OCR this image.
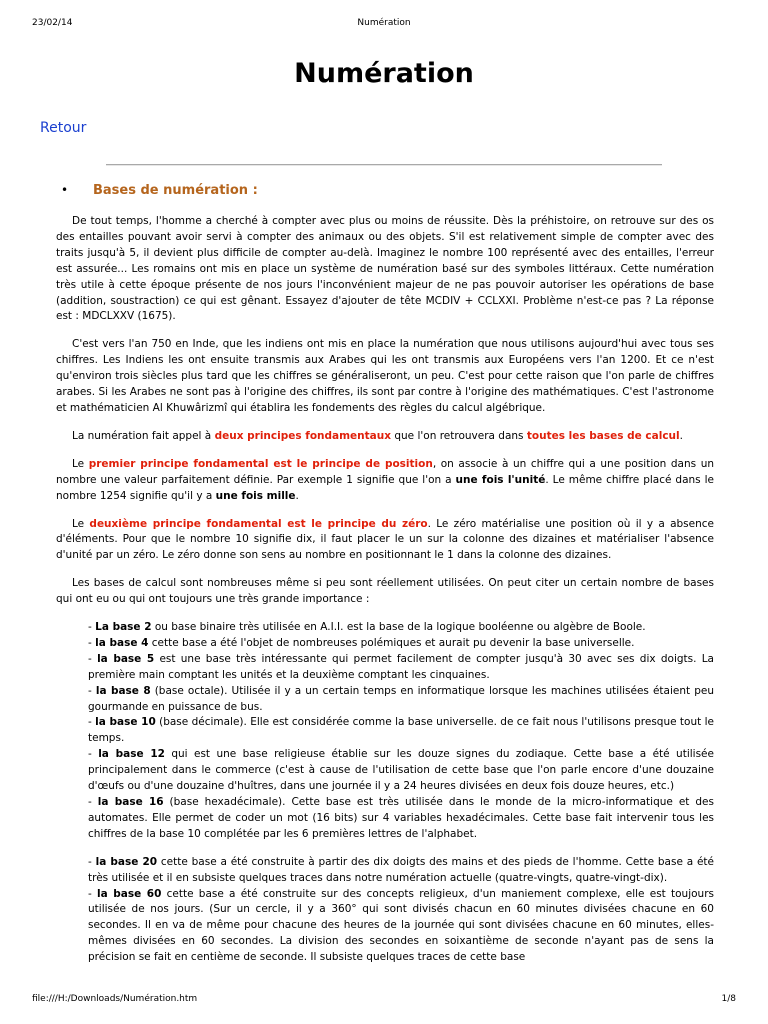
23/02/14	Numération
Numération
Retour
• Bases de numération :

De tout temps, l'homme a cherché à compter avec plus ou moins de réussite. Dès la préhistoire, on retrouve sur des os des entailles pouvant avoir servi à compter des animaux ou des objets. S'il est relativement simple de compter avec des traits jusqu'à 5, il devient plus difficile de compter au-delà. Imaginez le nombre 100 représenté avec des entailles, l'erreur est assurée... Les romains ont mis en place un système de numération basé sur des symboles littéraux. Cette numération très utile à cette époque présente de nos jours l'inconvénient majeur de ne pas pouvoir autoriser les opérations de base (addition, soustraction) ce qui est gênant. Essayez d'ajouter de tête MCDIV + CCLXXI. Problème n'est-ce pas ? La réponse est : MDCLXXV (1675).

C'est vers l'an 750 en Inde, que les indiens ont mis en place la numération que nous utilisons aujourd'hui avec tous ses chiffres. Les Indiens les ont ensuite transmis aux Arabes qui les ont transmis aux Européens vers l'an 1200. Et ce n'est qu'environ trois siècles plus tard que les chiffres se généraliseront, un peu. C'est pour cette raison que l'on parle de chiffres arabes. Si les Arabes ne sont pas à l'origine des chiffres, ils sont par contre à l'origine des mathématiques. C'est l'astronome et mathématicien Al Khuwârizmî qui établira les fondements des règles du calcul algébrique.

La numération fait appel à deux principes fondamentaux que l'on retrouvera dans toutes les bases de calcul.

Le premier principe fondamental est le principe de position, on associe à un chiffre qui a une position dans un nombre une valeur parfaitement définie. Par exemple 1 signifie que l'on a une fois l'unité. Le même chiffre placé dans le nombre 1254 signifie qu'il y a une fois mille.

Le deuxième principe fondamental est le principe du zéro. Le zéro matérialise une position où il y a absence d'éléments. Pour que le nombre 10 signifie dix, il faut placer le un sur la colonne des dizaines et matérialiser l'absence d'unité par un zéro. Le zéro donne son sens au nombre en positionnant le 1 dans la colonne des dizaines.

Les bases de calcul sont nombreuses même si peu sont réellement utilisées. On peut citer un certain nombre de bases qui ont eu ou qui ont toujours une très grande importance :

- La base 2 ou base binaire très utilisée en A.I.I. est la base de la logique booléenne ou algèbre de Boole.
- la base 4 cette base a été l'objet de nombreuses polémiques et aurait pu devenir la base universelle.
- la base 5 est une base très intéressante qui permet facilement de compter jusqu'à 30 avec ses dix doigts. La première main comptant les unités et la deuxième comptant les cinquaines.
- la base 8 (base octale). Utilisée il y a un certain temps en informatique lorsque les machines utilisées étaient peu gourmande en puissance de bus.
- la base 10 (base décimale). Elle est considérée comme la base universelle. de ce fait nous l'utilisons presque tout le temps.
- la base 12 qui est une base religieuse établie sur les douze signes du zodiaque. Cette base a été utilisée principalement dans le commerce (c'est à cause de l'utilisation de cette base que l'on parle encore d'une douzaine d'œufs ou d'une douzaine d'huîtres, dans une journée il y a 24 heures divisées en deux fois douze heures, etc.)
- la base 16 (base hexadécimale). Cette base est très utilisée dans le monde de la micro-informatique et des automates. Elle permet de coder un mot (16 bits) sur 4 variables hexadécimales. Cette base fait intervenir tous les chiffres de la base 10 complétée par les 6 premières lettres de l'alphabet.
- la base 20 cette base a été construite à partir des dix doigts des mains et des pieds de l'homme. Cette base a été très utilisée et il en subsiste quelques traces dans notre numération actuelle (quatre-vingts, quatre-vingt-dix).
- la base 60 cette base a été construite sur des concepts religieux, d'un maniement complexe, elle est toujours utilisée de nos jours. (Sur un cercle, il y a 360° qui sont divisés chacun en 60 minutes divisées chacune en 60 secondes. Il en va de même pour chacune des heures de la journée qui sont divisées chacune en 60 minutes, elles-mêmes divisées en 60 secondes. La division des secondes en soixantième de seconde n'ayant pas de sens la précision se fait en centième de seconde. Il subsiste quelques traces de cette base
file:///H:/Downloads/Numération.htm	1/8
